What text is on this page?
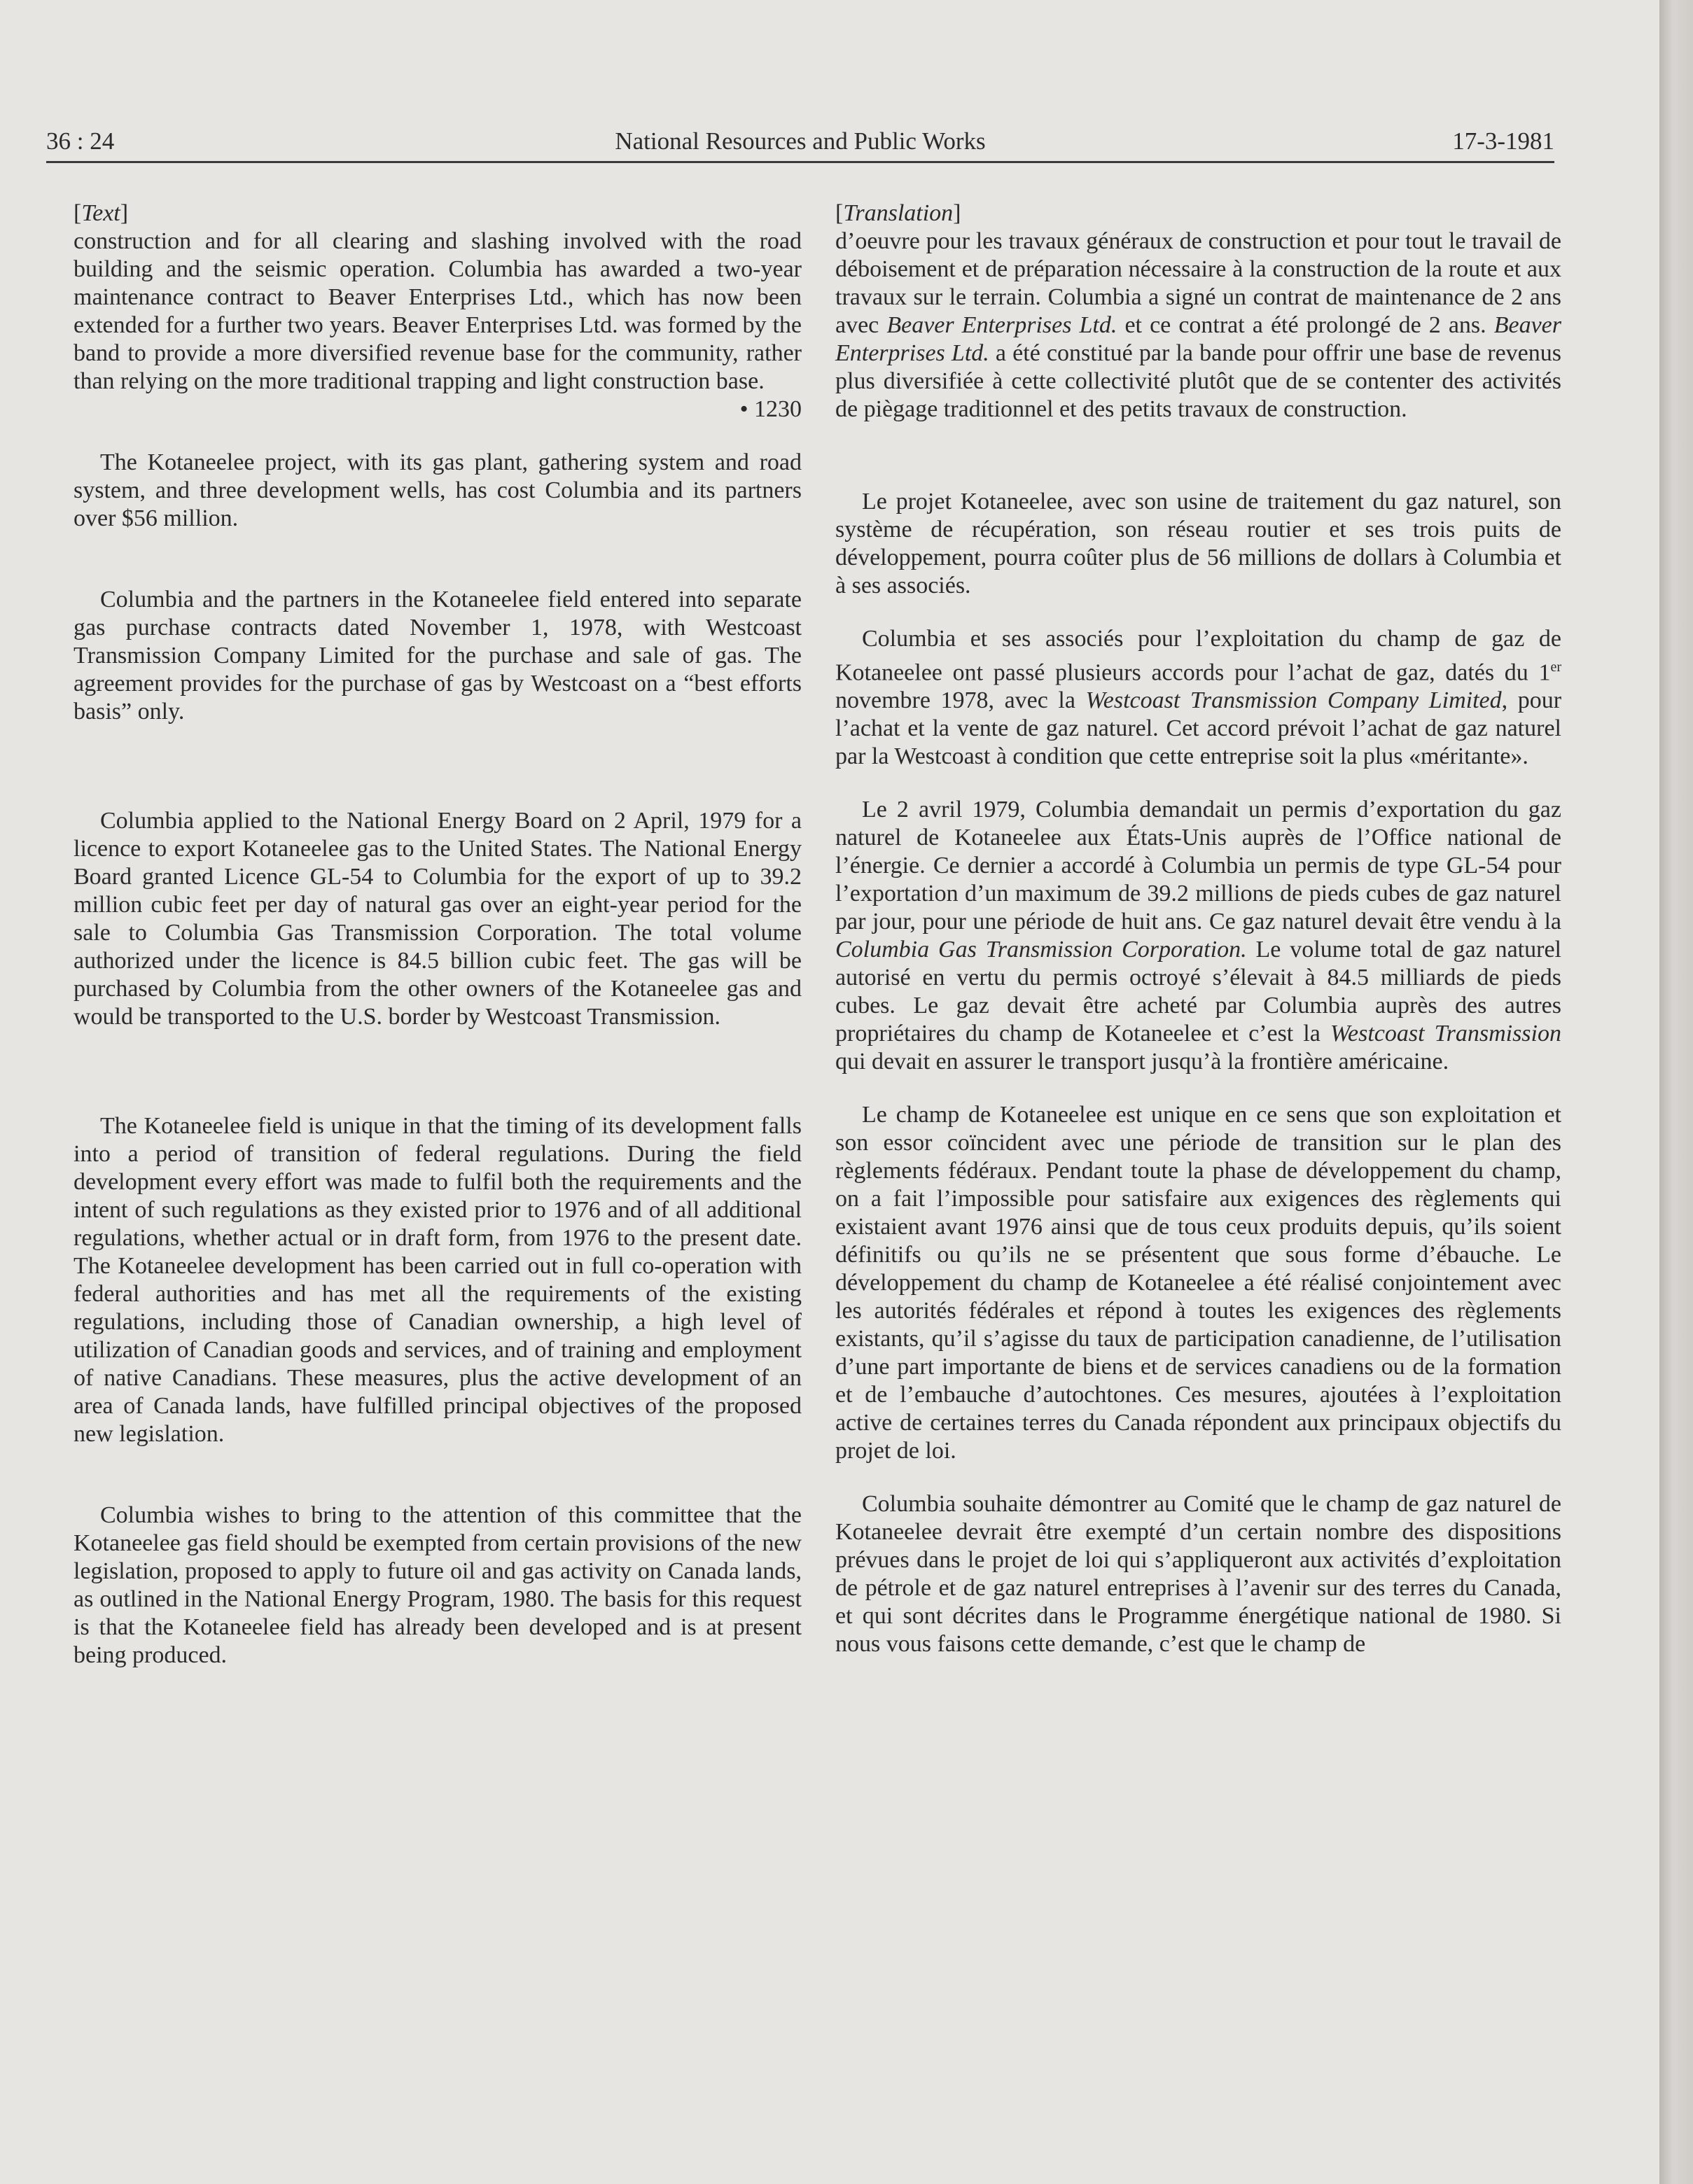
36 : 24	National Resources and Public Works	17-3-1981

[Text]

construction and for all clearing and slashing involved with the road building and the seismic operation. Columbia has awarded a two-year maintenance contract to Beaver Enterprises Ltd., which has now been extended for a further two years. Beaver Enterprises Ltd. was formed by the band to provide a more diversified revenue base for the community, rather than relying on the more traditional trapping and light construction base.

• 1230

The Kotaneelee project, with its gas plant, gathering system and road system, and three development wells, has cost Columbia and its partners over $56 million.

Columbia and the partners in the Kotaneelee field entered into separate gas purchase contracts dated November 1, 1978, with Westcoast Transmission Company Limited for the purchase and sale of gas. The agreement provides for the purchase of gas by Westcoast on a “best efforts basis” only.

Columbia applied to the National Energy Board on 2 April, 1979 for a licence to export Kotaneelee gas to the United States. The National Energy Board granted Licence GL-54 to Columbia for the export of up to 39.2 million cubic feet per day of natural gas over an eight-year period for the sale to Columbia Gas Transmission Corporation. The total volume authorized under the licence is 84.5 billion cubic feet. The gas will be purchased by Columbia from the other owners of the Kotaneelee gas and would be transported to the U.S. border by Westcoast Transmission.

The Kotaneelee field is unique in that the timing of its development falls into a period of transition of federal regulations. During the field development every effort was made to fulfil both the requirements and the intent of such regulations as they existed prior to 1976 and of all additional regulations, whether actual or in draft form, from 1976 to the present date. The Kotaneelee development has been carried out in full co-operation with federal authorities and has met all the requirements of the existing regulations, including those of Canadian ownership, a high level of utilization of Canadian goods and services, and of training and employment of native Canadians. These measures, plus the active development of an area of Canada lands, have fulfilled principal objectives of the proposed new legislation.

Columbia wishes to bring to the attention of this committee that the Kotaneelee gas field should be exempted from certain provisions of the new legislation, proposed to apply to future oil and gas activity on Canada lands, as outlined in the National Energy Program, 1980. The basis for this request is that the Kotaneelee field has already been developed and is at present being produced.

[Translation]

d’oeuvre pour les travaux généraux de construction et pour tout le travail de déboisement et de préparation nécessaire à la construction de la route et aux travaux sur le terrain. Columbia a signé un contrat de maintenance de 2 ans avec Beaver Enterprises Ltd. et ce contrat a été prolongé de 2 ans. Beaver Enterprises Ltd. a été constitué par la bande pour offrir une base de revenus plus diversifiée à cette collectivité plutôt que de se contenter des activités de piègage traditionnel et des petits travaux de construction.

Le projet Kotaneelee, avec son usine de traitement du gaz naturel, son système de récupération, son réseau routier et ses trois puits de développement, pourra coûter plus de 56 millions de dollars à Columbia et à ses associés.

Columbia et ses associés pour l’exploitation du champ de gaz de Kotaneelee ont passé plusieurs accords pour l’achat de gaz, datés du 1er novembre 1978, avec la Westcoast Transmission Company Limited, pour l’achat et la vente de gaz naturel. Cet accord prévoit l’achat de gaz naturel par la Westcoast à condition que cette entreprise soit la plus «méritante».

Le 2 avril 1979, Columbia demandait un permis d’exportation du gaz naturel de Kotaneelee aux États-Unis auprès de l’Office national de l’énergie. Ce dernier a accordé à Columbia un permis de type GL-54 pour l’exportation d’un maximum de 39.2 millions de pieds cubes de gaz naturel par jour, pour une période de huit ans. Ce gaz naturel devait être vendu à la Columbia Gas Transmission Corporation. Le volume total de gaz naturel autorisé en vertu du permis octroyé s’élevait à 84.5 milliards de pieds cubes. Le gaz devait être acheté par Columbia auprès des autres propriétaires du champ de Kotaneelee et c’est la Westcoast Transmission qui devait en assurer le transport jusqu’à la frontière américaine.

Le champ de Kotaneelee est unique en ce sens que son exploitation et son essor coïncident avec une période de transition sur le plan des règlements fédéraux. Pendant toute la phase de développement du champ, on a fait l’impossible pour satisfaire aux exigences des règlements qui existaient avant 1976 ainsi que de tous ceux produits depuis, qu’ils soient définitifs ou qu’ils ne se présentent que sous forme d’ébauche. Le développement du champ de Kotaneelee a été réalisé conjointement avec les autorités fédérales et répond à toutes les exigences des règlements existants, qu’il s’agisse du taux de participation canadienne, de l’utilisation d’une part importante de biens et de services canadiens ou de la formation et de l’embauche d’autochtones. Ces mesures, ajoutées à l’exploitation active de certaines terres du Canada répondent aux principaux objectifs du projet de loi.

Columbia souhaite démontrer au Comité que le champ de gaz naturel de Kotaneelee devrait être exempté d’un certain nombre des dispositions prévues dans le projet de loi qui s’appliqueront aux activités d’exploitation de pétrole et de gaz naturel entreprises à l’avenir sur des terres du Canada, et qui sont décrites dans le Programme énergétique national de 1980. Si nous vous faisons cette demande, c’est que le champ de
